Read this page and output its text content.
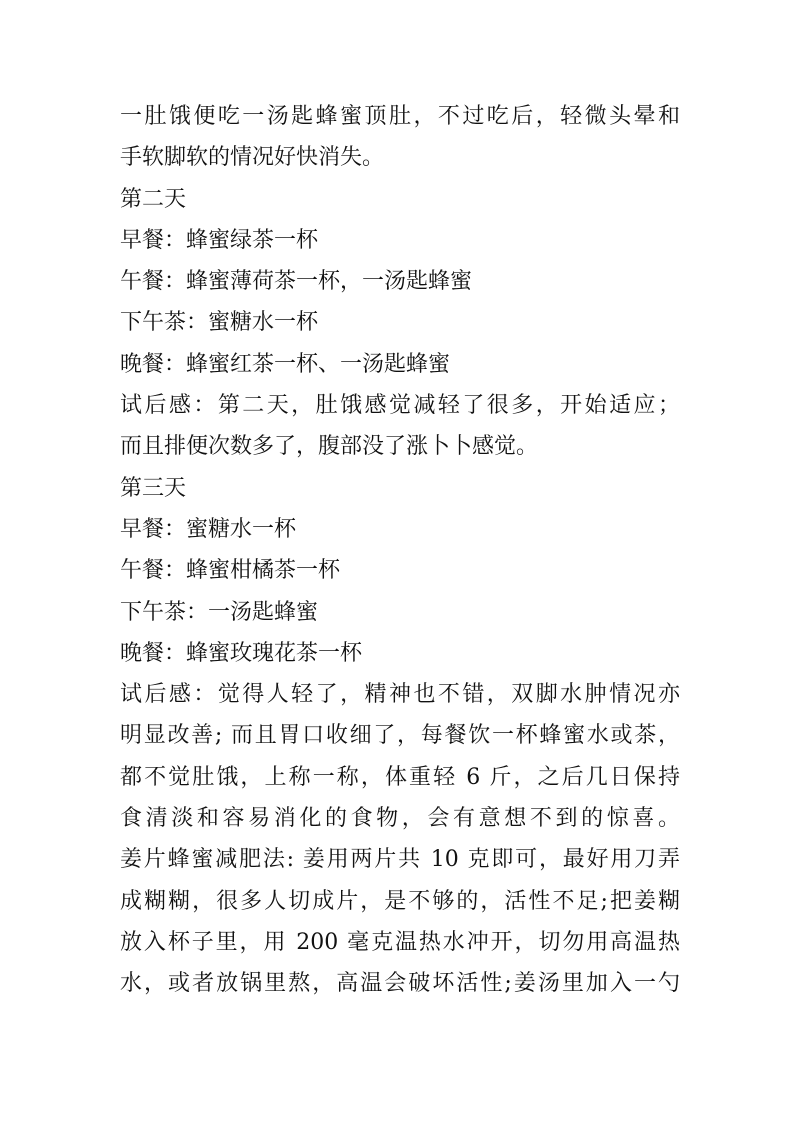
一肚饿便吃一汤匙蜂蜜顶肚，不过吃后，轻微头晕和
手软脚软的情况好快消失。
第二天
早餐：蜂蜜绿茶一杯
午餐：蜂蜜薄荷茶一杯，一汤匙蜂蜜
下午茶：蜜糖水一杯
晚餐：蜂蜜红茶一杯、一汤匙蜂蜜
试后感：第二天，肚饿感觉减轻了很多，开始适应；
而且排便次数多了，腹部没了涨卜卜感觉。
第三天
早餐：蜜糖水一杯
午餐：蜂蜜柑橘茶一杯
下午茶：一汤匙蜂蜜
晚餐：蜂蜜玫瑰花茶一杯
试后感：觉得人轻了，精神也不错，双脚水肿情况亦
明显改善; 而且胃口收细了，每餐饮一杯蜂蜜水或茶，
都不觉肚饿，上称一称，体重轻 6 斤，之后几日保持
食清淡和容易消化的食物，会有意想不到的惊喜。
姜片蜂蜜减肥法: 姜用两片共 10 克即可，最好用刀弄
成糊糊，很多人切成片，是不够的，活性不足;把姜糊
放入杯子里，用 200 毫克温热水冲开，切勿用高温热
水，或者放锅里熬，高温会破坏活性;姜汤里加入一勺
